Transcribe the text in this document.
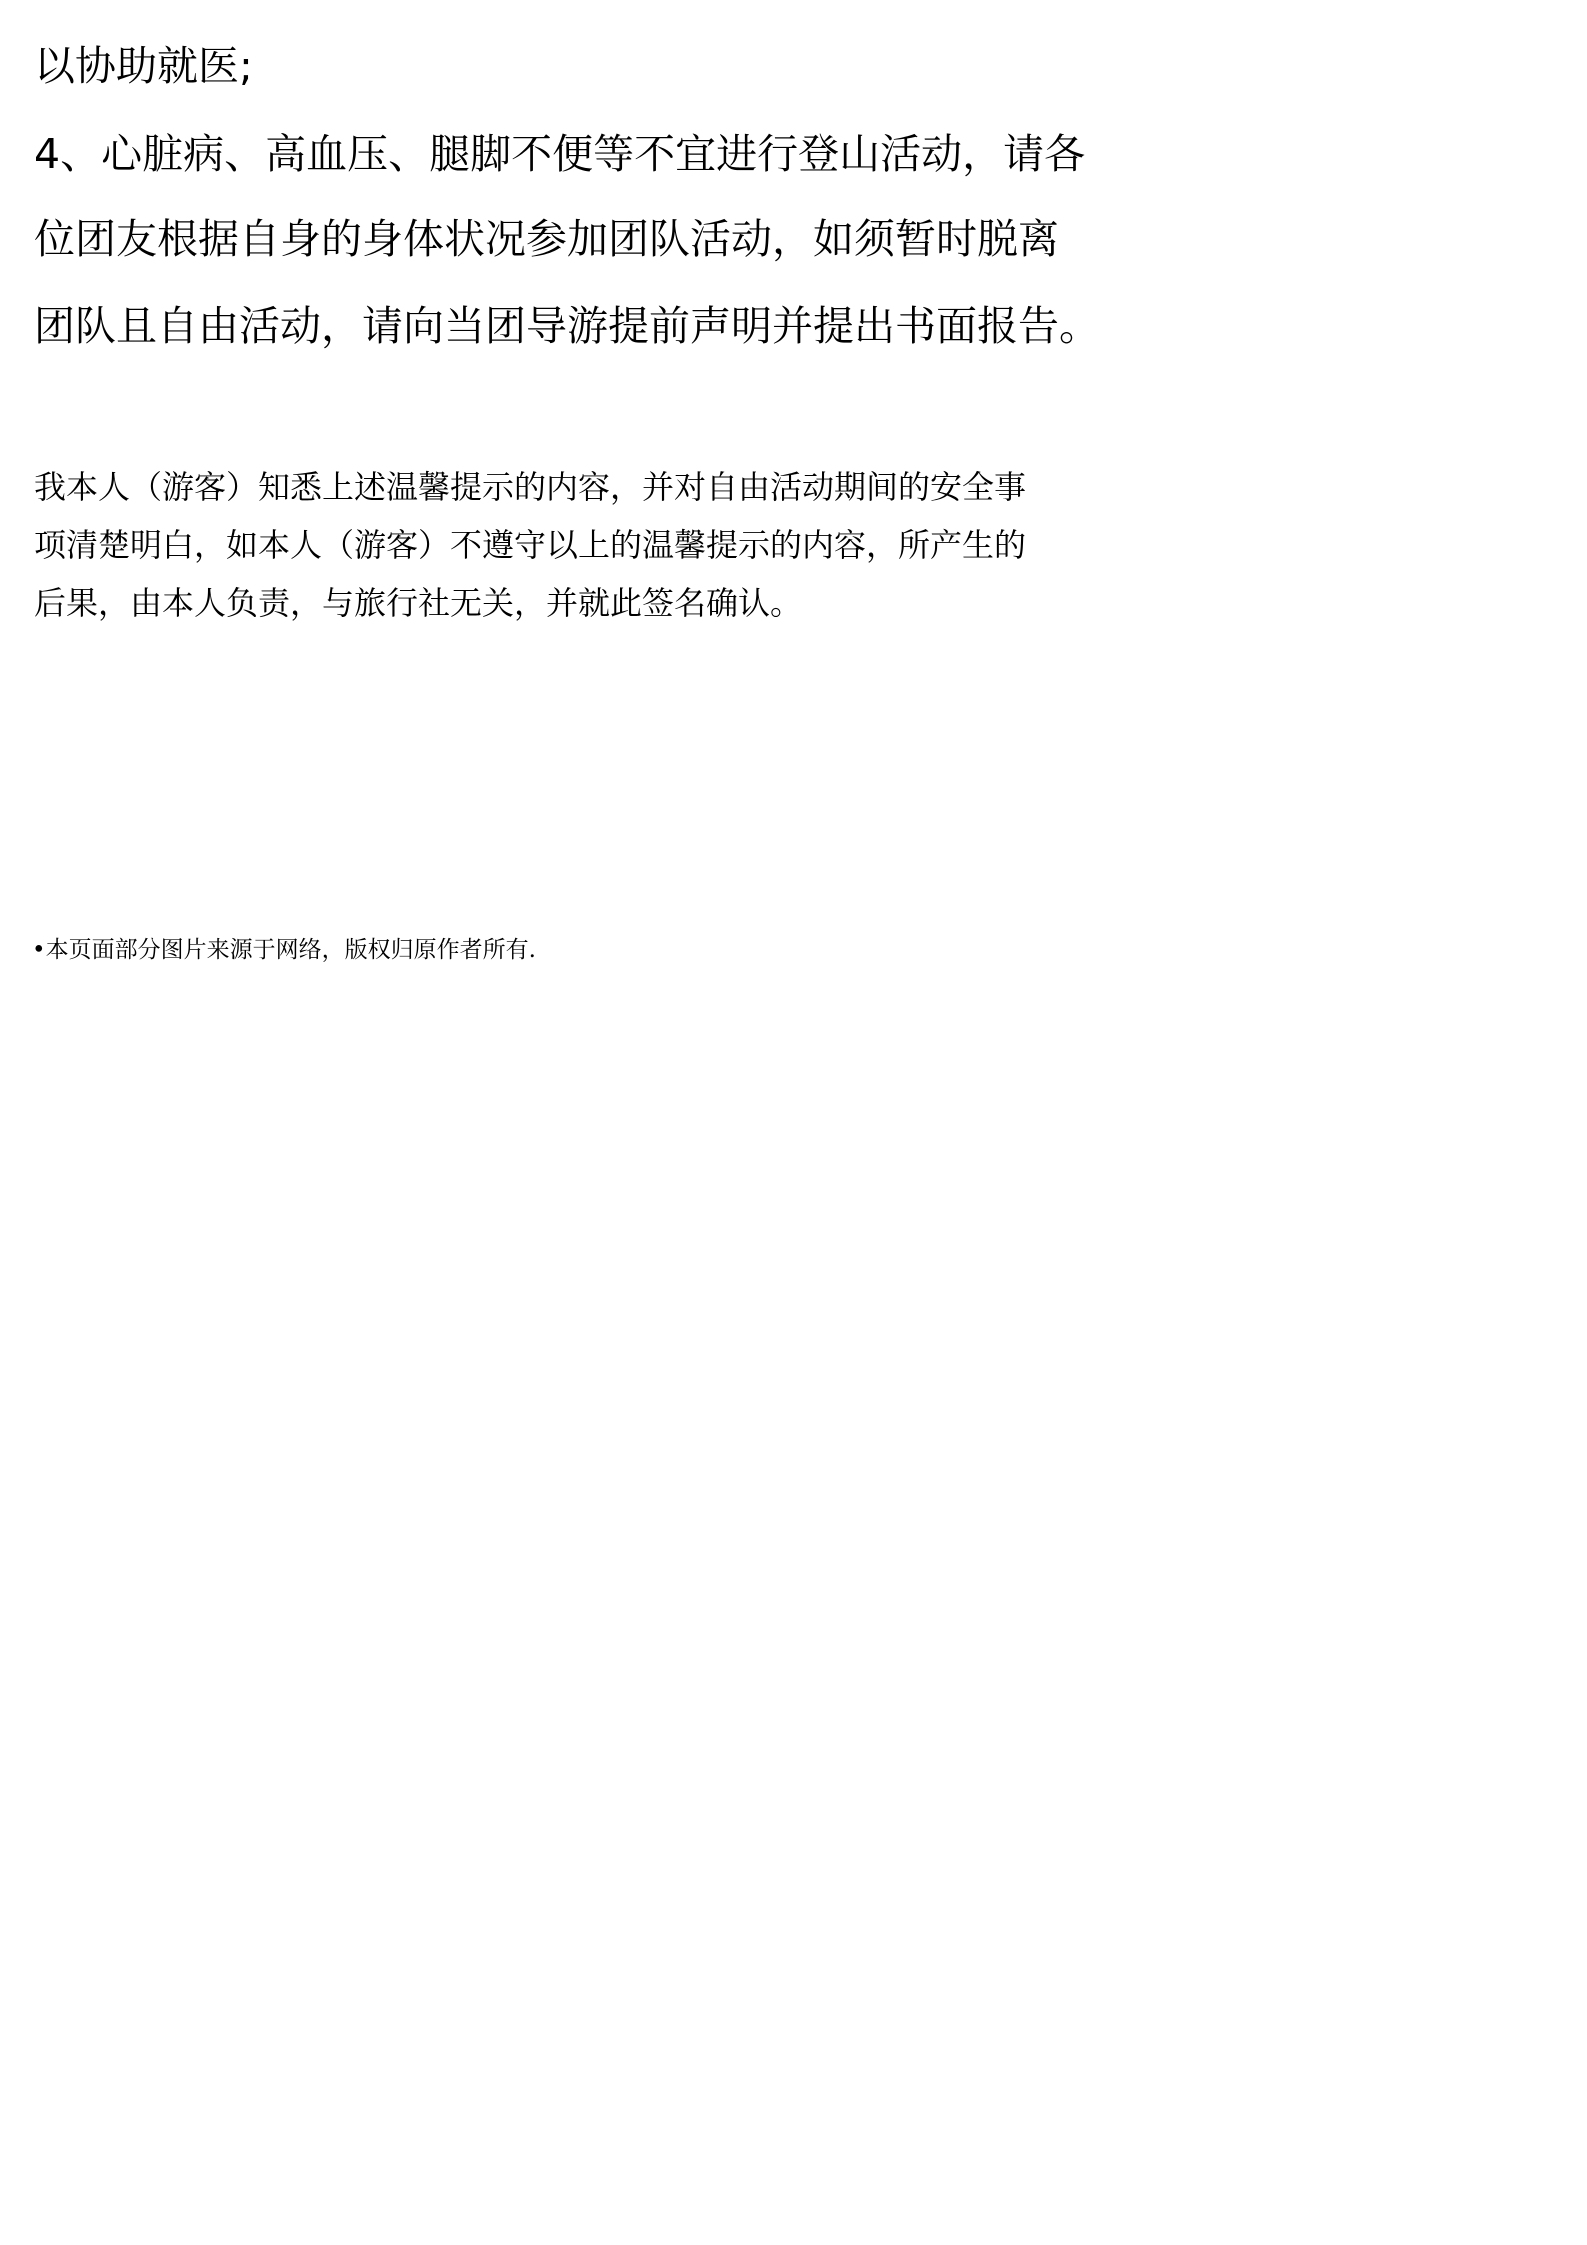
以协助就医;
4、心脏病、高血压、腿脚不便等不宜进行登山活动，请各
位团友根据自身的身体状况参加团队活动，如须暂时脱离
团队且自由活动，请向当团导游提前声明并提出书面报告。
我本人（游客）知悉上述温馨提示的内容，并对自由活动期间的安全事
项清楚明白，如本人（游客）不遵守以上的温馨提示的内容，所产生的
后果，由本人负责，与旅行社无关，并就此签名确认。
•本页面部分图片来源于网络，版权归原作者所有.
